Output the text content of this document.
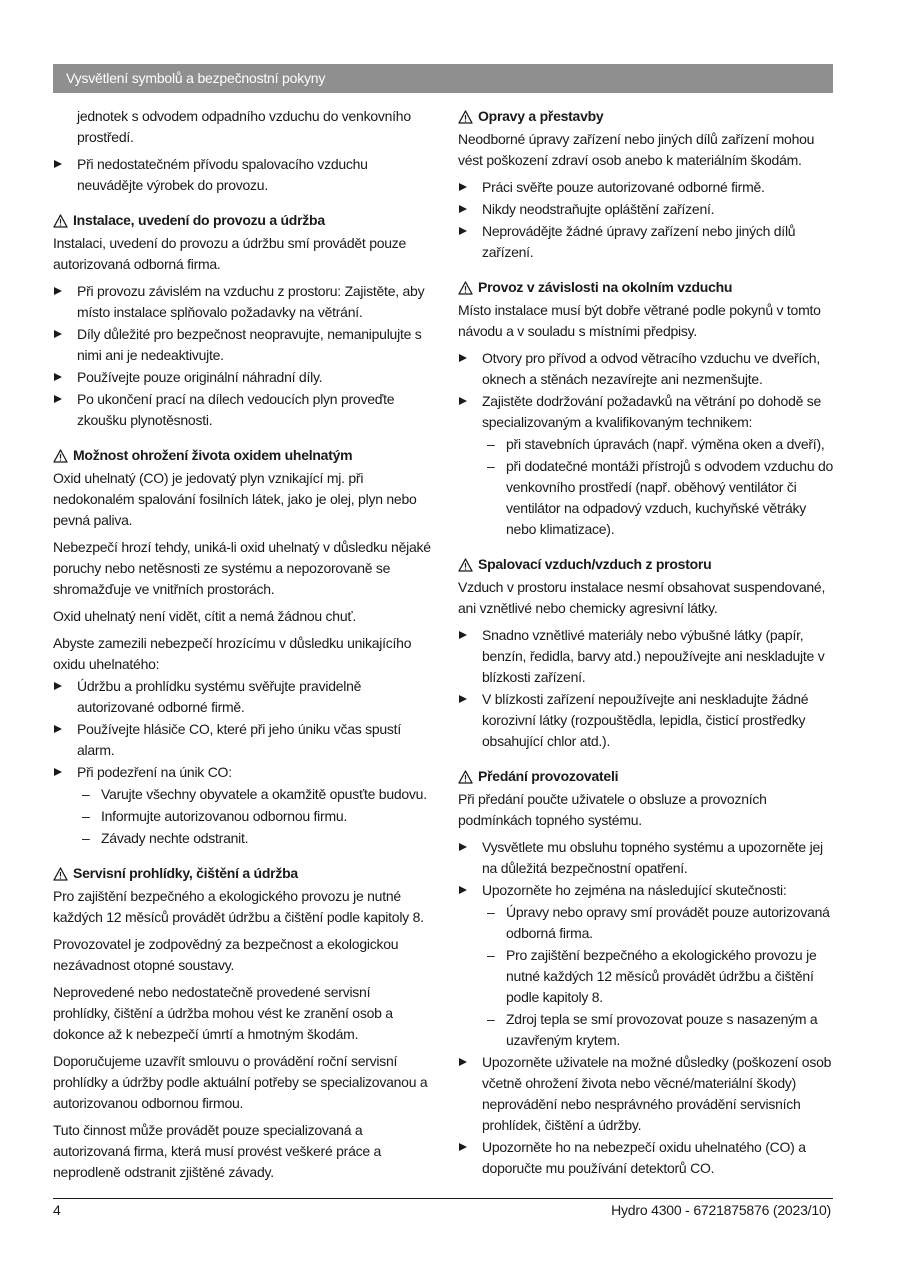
Vysvětlení symbolů a bezpečnostní pokyny

jednotek s odvodem odpadního vzduchu do venkovního prostředí.

Při nedostatečném přívodu spalovacího vzduchu neuvádějte výrobek do provozu.
Instalace, uvedení do provozu a údržba

Instalaci, uvedení do provozu a údržbu smí provádět pouze autorizovaná odborná firma.

Při provozu závislém na vzduchu z prostoru: Zajistěte, aby místo instalace splňovalo požadavky na větrání.
Díly důležité pro bezpečnost neopravujte, nemanipulujte s nimi ani je nedeaktivujte.
Používejte pouze originální náhradní díly.
Po ukončení prací na dílech vedoucích plyn proveďte zkoušku plynotěsnosti.
Možnost ohrožení života oxidem uhelnatým

Oxid uhelnatý (CO) je jedovatý plyn vznikající mj. při nedokonalém spalování fosilních látek, jako je olej, plyn nebo pevná paliva.

Nebezpečí hrozí tehdy, uniká-li oxid uhelnatý v důsledku nějaké poruchy nebo netěsnosti ze systému a nepozorovaně se shromažďuje ve vnitřních prostorách.

Oxid uhelnatý není vidět, cítit a nemá žádnou chuť.

Abyste zamezili nebezpečí hrozícímu v důsledku unikajícího oxidu uhelnatého:

Údržbu a prohlídku systému svěřujte pravidelně autorizované odborné firmě.
Používejte hlásiče CO, které při jeho úniku včas spustí alarm.
Při podezření na únik CO:
– Varujte všechny obyvatele a okamžitě opusťte budovu.
– Informujte autorizovanou odbornou firmu.
– Závady nechte odstranit.
Servisní prohlídky, čištění a údržba

Pro zajištění bezpečného a ekologického provozu je nutné každých 12 měsíců provádět údržbu a čištění podle kapitoly 8.

Provozovatel je zodpovědný za bezpečnost a ekologickou nezávadnost otopné soustavy.

Neprovedené nebo nedostatečně provedené servisní prohlídky, čištění a údržba mohou vést ke zranění osob a dokonce až k nebezpečí úmrtí a hmotným škodám.

Doporučujeme uzavřít smlouvu o provádění roční servisní prohlídky a údržby podle aktuální potřeby se specializovanou a autorizovanou odbornou firmou.

Tuto činnost může provádět pouze specializovaná a autorizovaná firma, která musí provést veškeré práce a neprodleně odstranit zjištěné závady.

Opravy a přestavby

Neodborné úpravy zařízení nebo jiných dílů zařízení mohou vést poškození zdraví osob anebo k materiálním škodám.

Práci svěřte pouze autorizované odborné firmě.
Nikdy neodstraňujte opláštění zařízení.
Neprovádějte žádné úpravy zařízení nebo jiných dílů zařízení.
Provoz v závislosti na okolním vzduchu

Místo instalace musí být dobře větrané podle pokynů v tomto návodu a v souladu s místními předpisy.

Otvory pro přívod a odvod větracího vzduchu ve dveřích, oknech a stěnách nezavírejte ani nezmenšujte.
Zajistěte dodržování požadavků na větrání po dohodě se specializovaným a kvalifikovaným technikem:
– při stavebních úpravách (např. výměna oken a dveří),
– při dodatečné montáži přístrojů s odvodem vzduchu do venkovního prostředí (např. oběhový ventilátor či ventilátor na odpadový vzduch, kuchyňské větráky nebo klimatizace).
Spalovací vzduch/vzduch z prostoru

Vzduch v prostoru instalace nesmí obsahovat suspendované, ani vznětlivé nebo chemicky agresivní látky.

Snadno vznětlivé materiály nebo výbušné látky (papír, benzín, ředidla, barvy atd.) nepoužívejte ani neskladujte v blízkosti zařízení.
V blízkosti zařízení nepoužívejte ani neskladujte žádné korozivní látky (rozpouštědla, lepidla, čisticí prostředky obsahující chlor atd.).
Předání provozovateli

Při předání poučte uživatele o obsluze a provozních podmínkách topného systému.

Vysvětlete mu obsluhu topného systému a upozorněte jej na důležitá bezpečnostní opatření.
Upozorněte ho zejména na následující skutečnosti:
– Úpravy nebo opravy smí provádět pouze autorizovaná odborná firma.
– Pro zajištění bezpečného a ekologického provozu je nutné každých 12 měsíců provádět údržbu a čištění podle kapitoly 8.
– Zdroj tepla se smí provozovat pouze s nasazeným a uzavřeným krytem.
Upozorněte uživatele na možné důsledky (poškození osob včetně ohrožení života nebo věcné/materiální škody) neprovádění nebo nesprávného provádění servisních prohlídek, čištění a údržby.
Upozorněte ho na nebezpečí oxidu uhelnatého (CO) a doporučte mu používání detektorů CO.
4	Hydro 4300 - 6721875876 (2023/10)
